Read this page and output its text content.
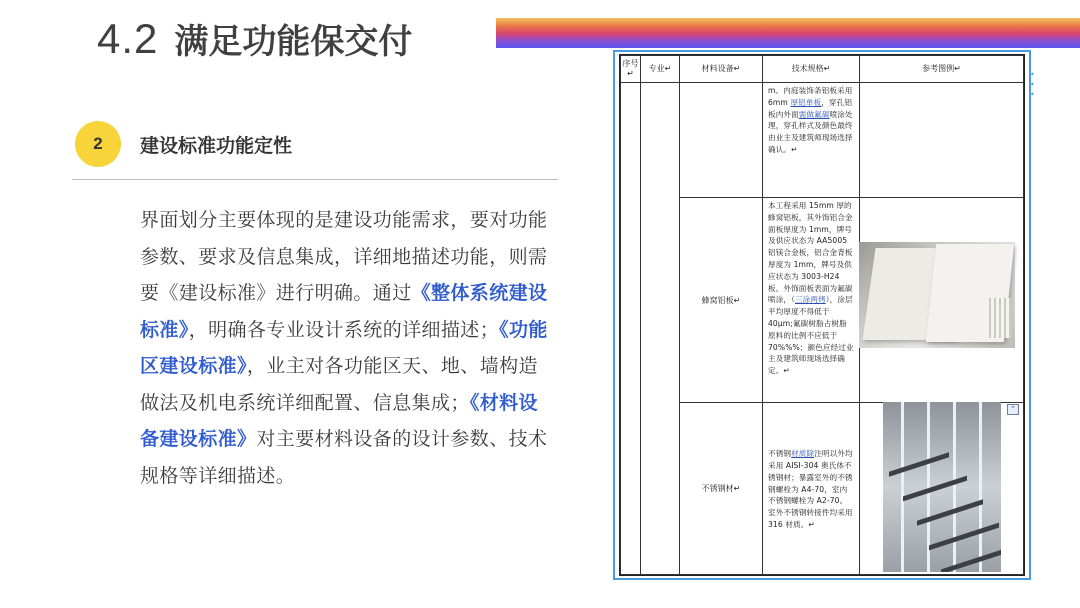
4.2 满足功能保交付
2	建设标准功能定性
界面划分主要体现的是建设功能需求，要对功能参数、要求及信息集成，详细地描述功能，则需要《建设标准》进行明确。通过《整体系统建设标准》，明确各专业设计系统的详细描述；《功能区建设标准》，业主对各功能区天、地、墙构造做法及机电系统详细配置、信息集成；《材料设备建设标准》对主要材料设备的设计参数、技术规格等详细描述。
序号↵	专业↵	材料设备↵	技术规格↵	参考图例↵

			m。内庭装饰条铝板采用 6mm 厚铝单板，穿孔铝板内外面需做氟碳喷涂处理，穿孔样式及颜色最终由业主及建筑师现场选择确认。↵	

		蜂窝铝板↵	本工程采用 15mm 厚的蜂窝铝板，其外饰铝合金面板厚度为 1mm，牌号及供应状态为 AA5005 铝镁合金板，铝合金背板厚度为 1mm，牌号及供应状态为 3003-H24 板。外饰面板表面为氟碳喷涂，（三涂两烤），涂层平均厚度不得低于 40μm;氟碳树脂占树脂原料的比例不应低于 70%%%；颜色应经过业主及建筑师现场选择确定。↵	

		不锈钢材↵	不锈钢材质除注明以外均采用 AISI-304 奥氏体不锈钢材；暴露室外的不锈钢螺栓为 A4-70，室内不锈钢螺栓为 A2-70。室外不锈钢转接件均采用 316 材质。↵	

⌃
•
•
•
